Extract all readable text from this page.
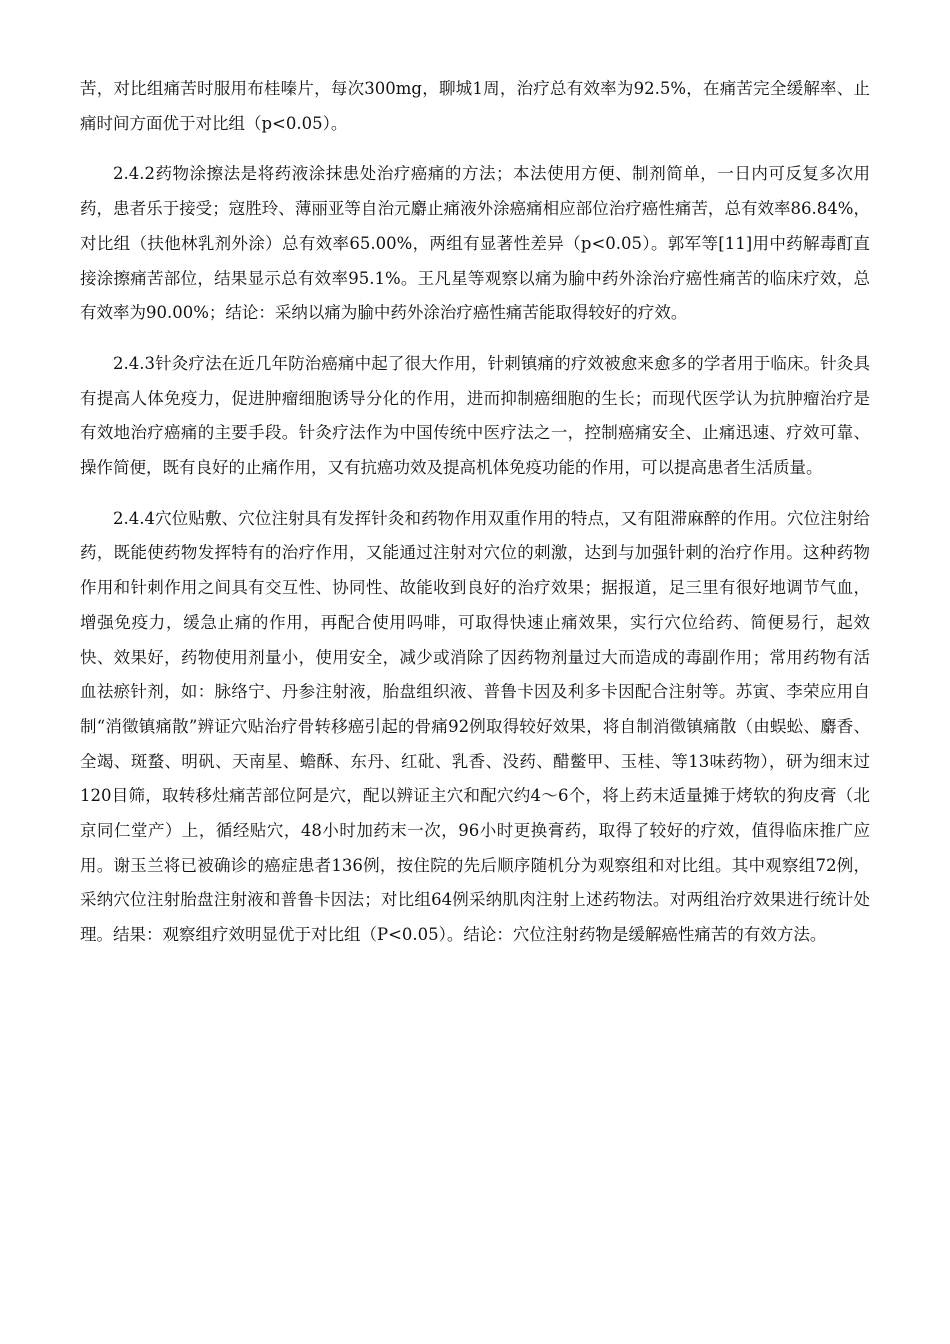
苦，对比组痛苦时服用布桂嗪片，每次300mg，聊城1周，治疗总有效率为92.5%，在痛苦完全缓解率、止痛时间方面优于对比组（p<0.05）。

2.4.2药物涂擦法是将药液涂抹患处治疗癌痛的方法；本法使用方便、制剂简单，一日内可反复多次用药，患者乐于接受；寇胜玲、薄丽亚等自治元麝止痛液外涂癌痛相应部位治疗癌性痛苦，总有效率86.84%，对比组（扶他林乳剂外涂）总有效率65.00%，两组有显著性差异（p<0.05）。郭军等[11]用中药解毒酊直接涂擦痛苦部位，结果显示总有效率95.1%。王凡星等观察以痛为腧中药外涂治疗癌性痛苦的临床疗效，总有效率为90.00%；结论：采纳以痛为腧中药外涂治疗癌性痛苦能取得较好的疗效。

2.4.3针灸疗法在近几年防治癌痛中起了很大作用，针刺镇痛的疗效被愈来愈多的学者用于临床。针灸具有提高人体免疫力，促进肿瘤细胞诱导分化的作用，进而抑制癌细胞的生长；而现代医学认为抗肿瘤治疗是有效地治疗癌痛的主要手段。针灸疗法作为中国传统中医疗法之一，控制癌痛安全、止痛迅速、疗效可靠、操作简便，既有良好的止痛作用，又有抗癌功效及提高机体免疫功能的作用，可以提高患者生活质量。

2.4.4穴位贴敷、穴位注射具有发挥针灸和药物作用双重作用的特点，又有阻滞麻醉的作用。穴位注射给药，既能使药物发挥特有的治疗作用，又能通过注射对穴位的刺激，达到与加强针刺的治疗作用。这种药物作用和针刺作用之间具有交互性、协同性、故能收到良好的治疗效果；据报道，足三里有很好地调节气血，增强免疫力，缓急止痛的作用，再配合使用吗啡，可取得快速止痛效果，实行穴位给药、简便易行，起效快、效果好，药物使用剂量小，使用安全，减少或消除了因药物剂量过大而造成的毒副作用；常用药物有活血祛瘀针剂，如：脉络宁、丹参注射液，胎盘组织液、普鲁卡因及利多卡因配合注射等。苏寅、李荣应用自制“消徵镇痛散”辨证穴贴治疗骨转移癌引起的骨痛92例取得较好效果，将自制消徵镇痛散（由蜈蚣、麝香、全竭、斑蝥、明矾、天南星、蟾酥、东丹、红砒、乳香、没药、醋鳖甲、玉桂、等13味药物），研为细末过120目筛，取转移灶痛苦部位阿是穴，配以辨证主穴和配穴约4～6个，将上药末适量摊于烤软的狗皮膏（北京同仁堂产）上，循经贴穴，48小时加药末一次，96小时更换膏药，取得了较好的疗效，值得临床推广应用。谢玉兰将已被确诊的癌症患者136例，按住院的先后顺序随机分为观察组和对比组。其中观察组72例，采纳穴位注射胎盘注射液和普鲁卡因法；对比组64例采纳肌肉注射上述药物法。对两组治疗效果进行统计处理。结果：观察组疗效明显优于对比组（P<0.05）。结论：穴位注射药物是缓解癌性痛苦的有效方法。
